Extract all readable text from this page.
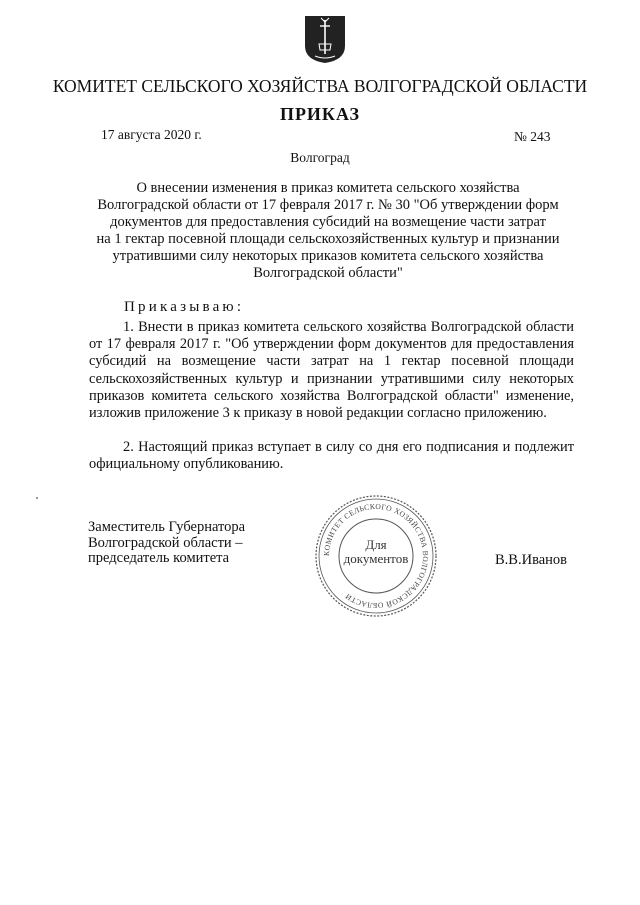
КОМИТЕТ СЕЛЬСКОГО ХОЗЯЙСТВА ВОЛГОГРАДСКОЙ ОБЛАСТИ
ПРИКАЗ
17 августа 2020 г.	№ 243
Волгоград
О внесении изменения в приказ комитета сельского хозяйства
Волгоградской области от 17 февраля 2017 г. № 30 "Об утверждении форм
документов для предоставления субсидий на возмещение части затрат
на 1 гектар посевной площади сельскохозяйственных культур и признании
утратившими силу некоторых приказов комитета сельского хозяйства
Волгоградской области"
Приказываю:
1. Внести в приказ комитета сельского хозяйства Волгоградской области от 17 февраля 2017 г. "Об утверждении форм документов для предоставления субсидий на возмещение части затрат на 1 гектар посевной площади сельскохозяйственных культур и признании утратившими силу некоторых приказов комитета сельского хозяйства Волгоградской области" изменение, изложив приложение 3 к приказу в новой редакции согласно приложению.
2. Настоящий приказ вступает в силу со дня его подписания и подлежит официальному опубликованию.
Заместитель Губернатора
Волгоградской области –
председатель комитета	КОМИТЕТ СЕЛЬСКОГО ХОЗЯЙСТВА ВОЛГОГРАДСКОЙ ОБЛАСТИ
Для
документов	В.В.Иванов
